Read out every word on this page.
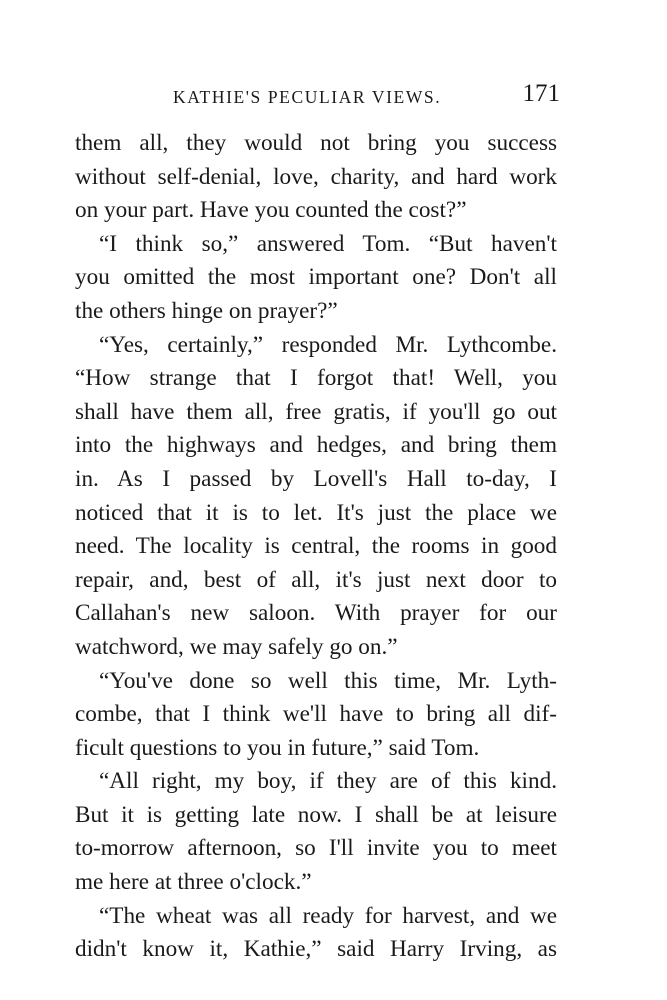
KATHIE'S PECULIAR VIEWS.	171
them all, they would not bring you success
without self-denial, love, charity, and hard work
on your part. Have you counted the cost?”
“I think so,” answered Tom. “But haven't
you omitted the most important one? Don't all
the others hinge on prayer?”
“Yes, certainly,” responded Mr. Lythcombe.
“How strange that I forgot that! Well, you
shall have them all, free gratis, if you'll go out
into the highways and hedges, and bring them
in. As I passed by Lovell's Hall to-day, I
noticed that it is to let. It's just the place we
need. The locality is central, the rooms in good
repair, and, best of all, it's just next door to
Callahan's new saloon. With prayer for our
watchword, we may safely go on.”
“You've done so well this time, Mr. Lyth-
combe, that I think we'll have to bring all dif-
ficult questions to you in future,” said Tom.
“All right, my boy, if they are of this kind.
But it is getting late now. I shall be at leisure
to-morrow afternoon, so I'll invite you to meet
me here at three o'clock.”
“The wheat was all ready for harvest, and we
didn't know it, Kathie,” said Harry Irving, as
